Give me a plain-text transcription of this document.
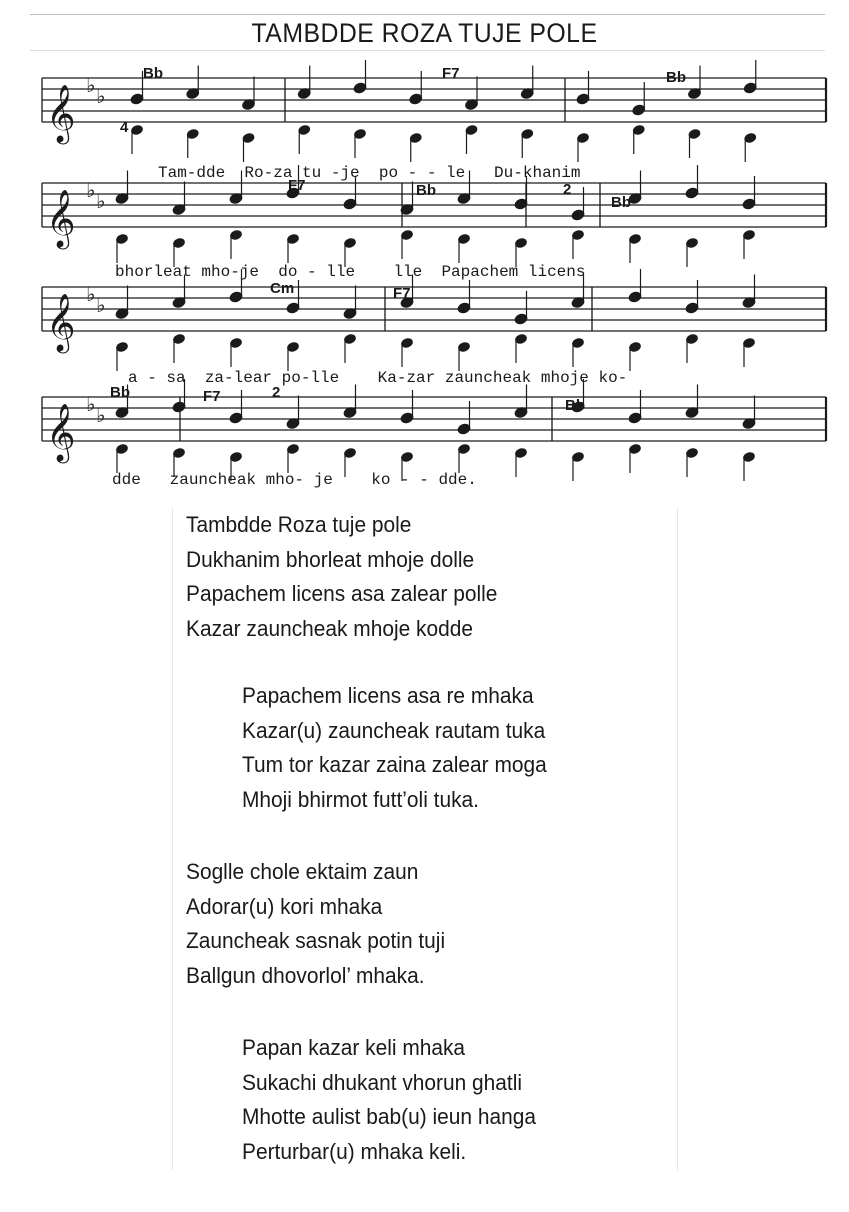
TAMBDDE ROZA TUJE POLE
𝄞 ♭ ♭
𝄞 ♭ ♭
𝄞 ♭ ♭
𝄞 ♭ ♭
4
Bb	F7	Bb
F7	Bb
Bb
Cm	F7
Bb	F7
Bb
2
2
Tam-dde  Ro-za tu -je  po - - le   Du-khanim
bhorleat mho-je  do - lle    lle  Papachem licens
a - sa  za-lear po-lle    Ka-zar zauncheak mhoje ko-
dde   zauncheak mho- je    ko - - dde.
Tambdde Roza tuje pole
Dukhanim bhorleat mhoje dolle
Papachem licens asa zalear polle
Kazar zauncheak mhoje kodde
Papachem licens asa re mhaka
Kazar(u) zauncheak rautam tuka
Tum tor kazar zaina zalear moga
Mhoji bhirmot futt’oli tuka.
Soglle chole ektaim zaun
Adorar(u) kori mhaka
Zauncheak sasnak potin tuji
Ballgun dhovorlol’ mhaka.
Papan kazar keli mhaka
Sukachi dhukant vhorun ghatli
Mhotte aulist bab(u) ieun hanga
Perturbar(u) mhaka keli.
